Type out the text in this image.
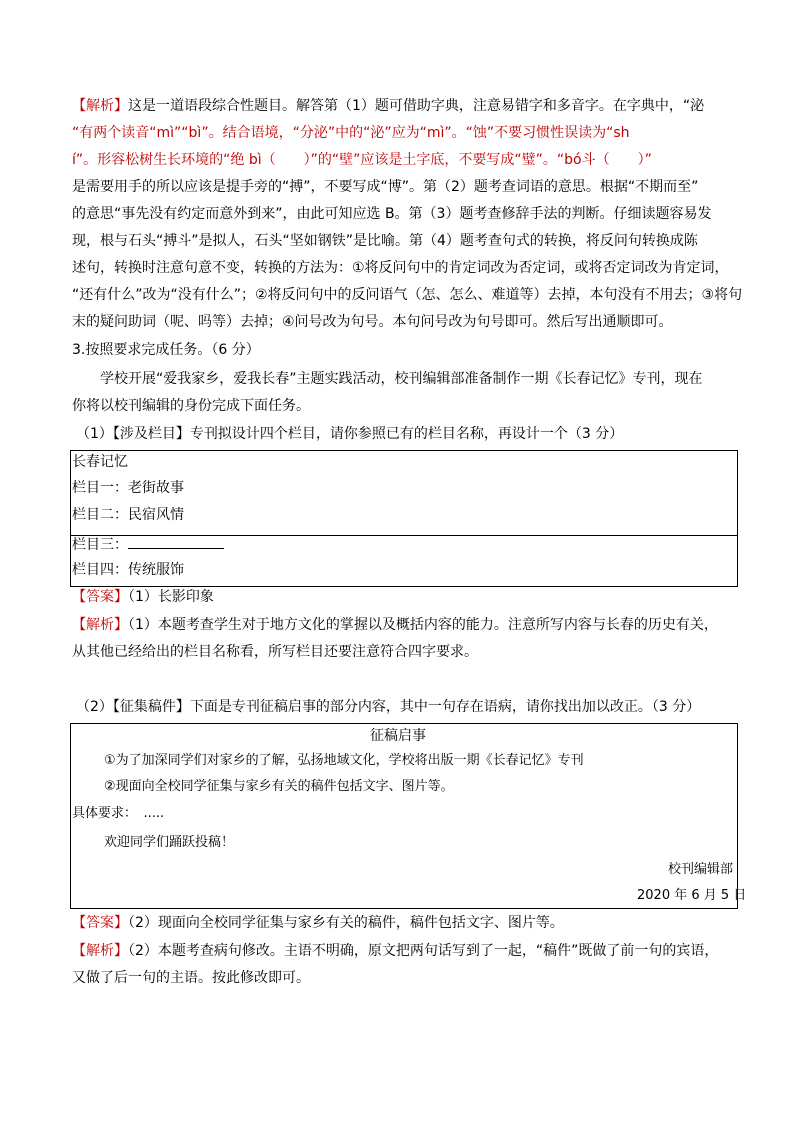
【解析】这是一道语段综合性题目。解答第（1）题可借助字典，注意易错字和多音字。在字典中，“泌
“有两个读音“mì”“bì”。结合语境，“分泌”中的“泌”应为“mì”。“蚀”不要习惯性误读为“sh
í”。形容松树生长环境的“绝 bì（　　）”的“壁”应该是土字底，不要写成“璧”。“bó斗（　　）”
是需要用手的所以应该是提手旁的“搏”，不要写成“博”。第（2）题考查词语的意思。根据“不期而至”
的意思“事先没有约定而意外到来”，由此可知应选 B。第（3）题考查修辞手法的判断。仔细读题容易发
现，根与石头“搏斗”是拟人，石头“坚如钢铁”是比喻。第（4）题考查句式的转换，将反问句转换成陈
述句，转换时注意句意不变，转换的方法为：①将反问句中的肯定词改为否定词，或将否定词改为肯定词，
“还有什么”改为“没有什么”；②将反问句中的反问语气（怎、怎么、难道等）去掉，本句没有不用去；③将句
末的疑问助词（呢、吗等）去掉；④问号改为句号。本句问号改为句号即可。然后写出通顺即可。
3.按照要求完成任务。（6 分）
学校开展“爱我家乡，爱我长春”主题实践活动，校刊编辑部准备制作一期《长春记忆》专刊，现在
你将以校刊编辑的身份完成下面任务。
（1）【涉及栏目】专刊拟设计四个栏目，请你参照已有的栏目名称，再设计一个（3 分）
长春记忆
栏目一：老街故事
栏目二：民宿风情
栏目三：
栏目四：传统服饰
【答案】（1）长影印象
【解析】（1）本题考查学生对于地方文化的掌握以及概括内容的能力。注意所写内容与长春的历史有关，
从其他已经给出的栏目名称看，所写栏目还要注意符合四字要求。
（2）【征集稿件】下面是专刊征稿启事的部分内容，其中一句存在语病，请你找出加以改正。（3 分）
征稿启事
①为了加深同学们对家乡的了解，弘扬地域文化，学校将出版一期《长春记忆》专刊
②现面向全校同学征集与家乡有关的稿件包括文字、图片等。
具体要求：　.....
欢迎同学们踊跃投稿！
校刊编辑部
2020 年 6 月 5 日
【答案】（2）现面向全校同学征集与家乡有关的稿件，稿件包括文字、图片等。
【解析】（2）本题考查病句修改。主语不明确，原文把两句话写到了一起，“稿件”既做了前一句的宾语，
又做了后一句的主语。按此修改即可。
